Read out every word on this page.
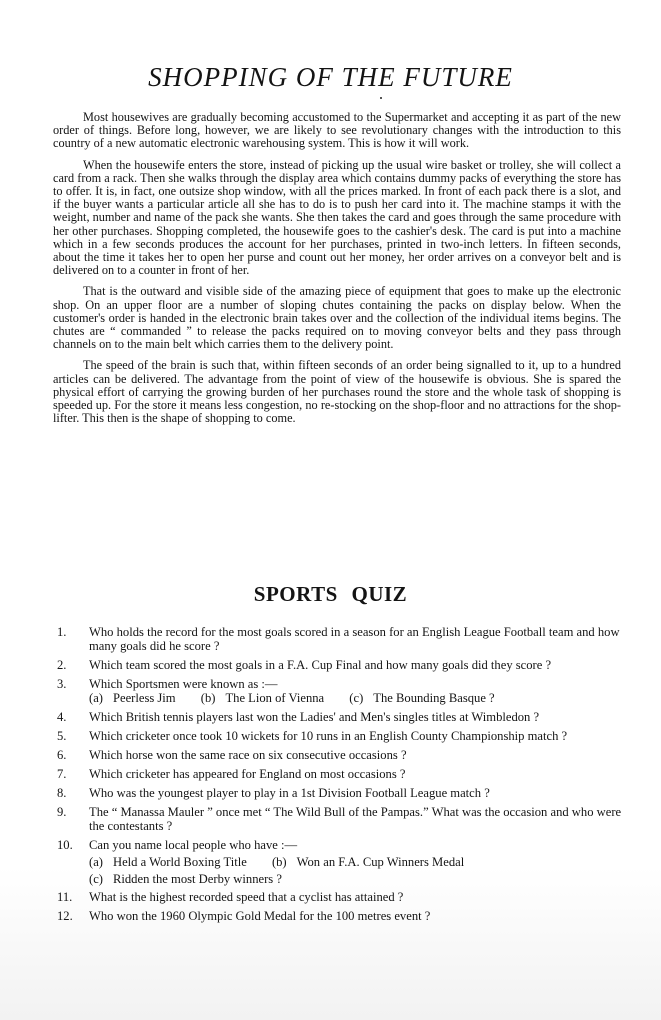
SHOPPING OF THE FUTURE

Most housewives are gradually becoming accustomed to the Supermarket and accepting it as part of the new order of things. Before long, however, we are likely to see revolutionary changes with the introduction to this country of a new automatic electronic warehousing system. This is how it will work.

When the housewife enters the store, instead of picking up the usual wire basket or trolley, she will collect a card from a rack. Then she walks through the display area which contains dummy packs of everything the store has to offer. It is, in fact, one outsize shop window, with all the prices marked. In front of each pack there is a slot, and if the buyer wants a particular article all she has to do is to push her card into it. The machine stamps it with the weight, number and name of the pack she wants. She then takes the card and goes through the same procedure with her other purchases. Shopping completed, the housewife goes to the cashier's desk. The card is put into a machine which in a few seconds produces the account for her purchases, printed in two-inch letters. In fifteen seconds, about the time it takes her to open her purse and count out her money, her order arrives on a conveyor belt and is delivered on to a counter in front of her.

That is the outward and visible side of the amazing piece of equipment that goes to make up the electronic shop. On an upper floor are a number of sloping chutes containing the packs on display below. When the customer's order is handed in the electronic brain takes over and the collection of the individual items begins. The chutes are “ commanded ” to release the packs required on to moving conveyor belts and they pass through channels on to the main belt which carries them to the delivery point.

The speed of the brain is such that, within fifteen seconds of an order being signalled to it, up to a hundred articles can be delivered. The advantage from the point of view of the housewife is obvious. She is spared the physical effort of carrying the growing burden of her purchases round the store and the whole task of shopping is speeded up. For the store it means less congestion, no re-stocking on the shop-floor and no attractions for the shop-lifter. This then is the shape of shopping to come.

SPORTS QUIZ
1.	Who holds the record for the most goals scored in a season for an English League Football team and how many goals did he score ?
2.	Which team scored the most goals in a F.A. Cup Final and how many goals did they score ?
3.	Which Sportsmen were known as :—
(a) Peerless Jim (b) The Lion of Vienna (c) The Bounding Basque ?
4.	Which British tennis players last won the Ladies' and Men's singles titles at Wimbledon ?
5.	Which cricketer once took 10 wickets for 10 runs in an English County Championship match ?
6.	Which horse won the same race on six consecutive occasions ?
7.	Which cricketer has appeared for England on most occasions ?
8.	Who was the youngest player to play in a 1st Division Football League match ?
9.	The “ Manassa Mauler ” once met “ The Wild Bull of the Pampas.” What was the occasion and who were the contestants ?
10.	Can you name local people who have :—
(a) Held a World Boxing Title (b) Won an F.A. Cup Winners Medal
(c) Ridden the most Derby winners ?
11.	What is the highest recorded speed that a cyclist has attained ?
12.	Who won the 1960 Olympic Gold Medal for the 100 metres event ?
